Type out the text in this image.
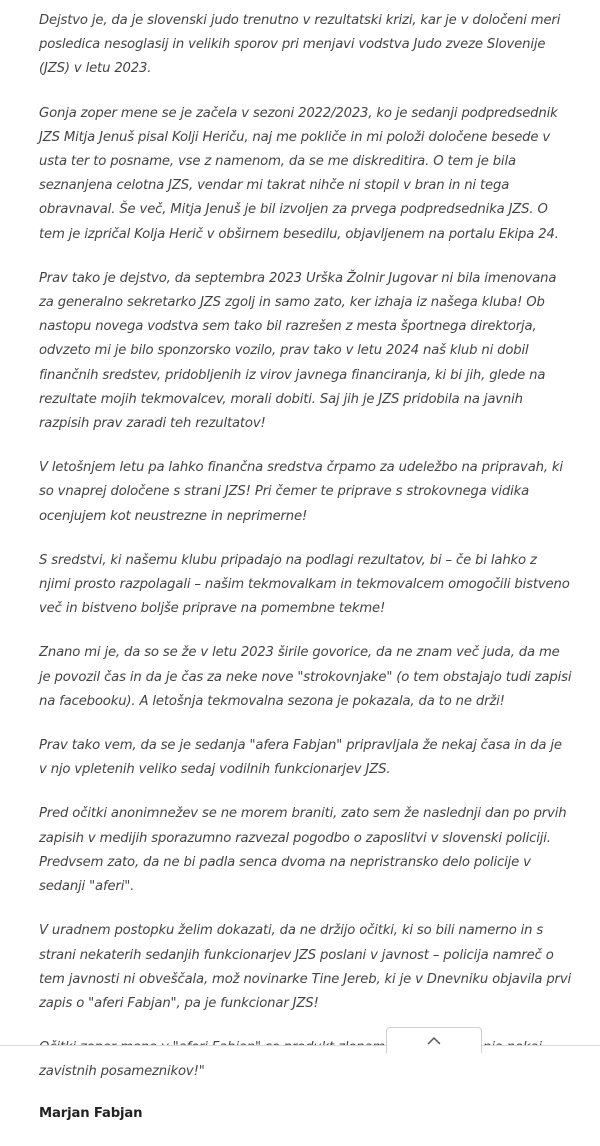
Dejstvo je, da je slovenski judo trenutno v rezultatski krizi, kar je v določeni meri posledica nesoglasij in velikih sporov pri menjavi vodstva Judo zveze Slovenije (JZS) v letu 2023.

Gonja zoper mene se je začela v sezoni 2022/2023, ko je sedanji podpredsednik JZS Mitja Jenuš pisal Kolji Heriču, naj me pokliče in mi položi določene besede v usta ter to posname, vse z namenom, da se me diskreditira. O tem je bila seznanjena celotna JZS, vendar mi takrat nihče ni stopil v bran in ni tega obravnaval. Še več, Mitja Jenuš je bil izvoljen za prvega podpredsednika JZS. O tem je izpričal Kolja Herič v obširnem besedilu, objavljenem na portalu Ekipa 24.

Prav tako je dejstvo, da septembra 2023 Urška Žolnir Jugovar ni bila imenovana za generalno sekretarko JZS zgolj in samo zato, ker izhaja iz našega kluba! Ob nastopu novega vodstva sem tako bil razrešen z mesta športnega direktorja, odvzeto mi je bilo sponzorsko vozilo, prav tako v letu 2024 naš klub ni dobil finančnih sredstev, pridobljenih iz virov javnega financiranja, ki bi jih, glede na rezultate mojih tekmovalcev, morali dobiti. Saj jih je JZS pridobila na javnih razpisih prav zaradi teh rezultatov!

V letošnjem letu pa lahko finančna sredstva črpamo za udeležbo na pripravah, ki so vnaprej določene s strani JZS! Pri čemer te priprave s strokovnega vidika ocenjujem kot neustrezne in neprimerne!

S sredstvi, ki našemu klubu pripadajo na podlagi rezultatov, bi – če bi lahko z njimi prosto razpolagali – našim tekmovalkam in tekmovalcem omogočili bistveno več in bistveno boljše priprave na pomembne tekme!

Znano mi je, da so se že v letu 2023 širile govorice, da ne znam več juda, da me je povozil čas in da je čas za neke nove "strokovnjake" (o tem obstajajo tudi zapisi na facebooku). A letošnja tekmovalna sezona je pokazala, da to ne drži!

Prav tako vem, da se je sedanja "afera Fabjan" pripravljala že nekaj časa in da je v njo vpletenih veliko sedaj vodilnih funkcionarjev JZS.

Pred očitki anonimnežev se ne morem braniti, zato sem že naslednji dan po prvih zapisih v medijih sporazumno razvezal pogodbo o zaposlitvi v slovenski policiji. Predvsem zato, da ne bi padla senca dvoma na nepristransko delo policije v sedanji "aferi".

V uradnem postopku želim dokazati, da ne držijo očitki, ki so bili namerno in s strani nekaterih sedanjih funkcionarjev JZS poslani v javnost – policija namreč o tem javnosti ni obveščala, mož novinarke Tine Jereb, ki je v Dnevniku objavila prvi zapis o "aferi Fabjan", pa je funkcionar JZS!

zavistnih posameznikov!"

Marjan Fabjan
